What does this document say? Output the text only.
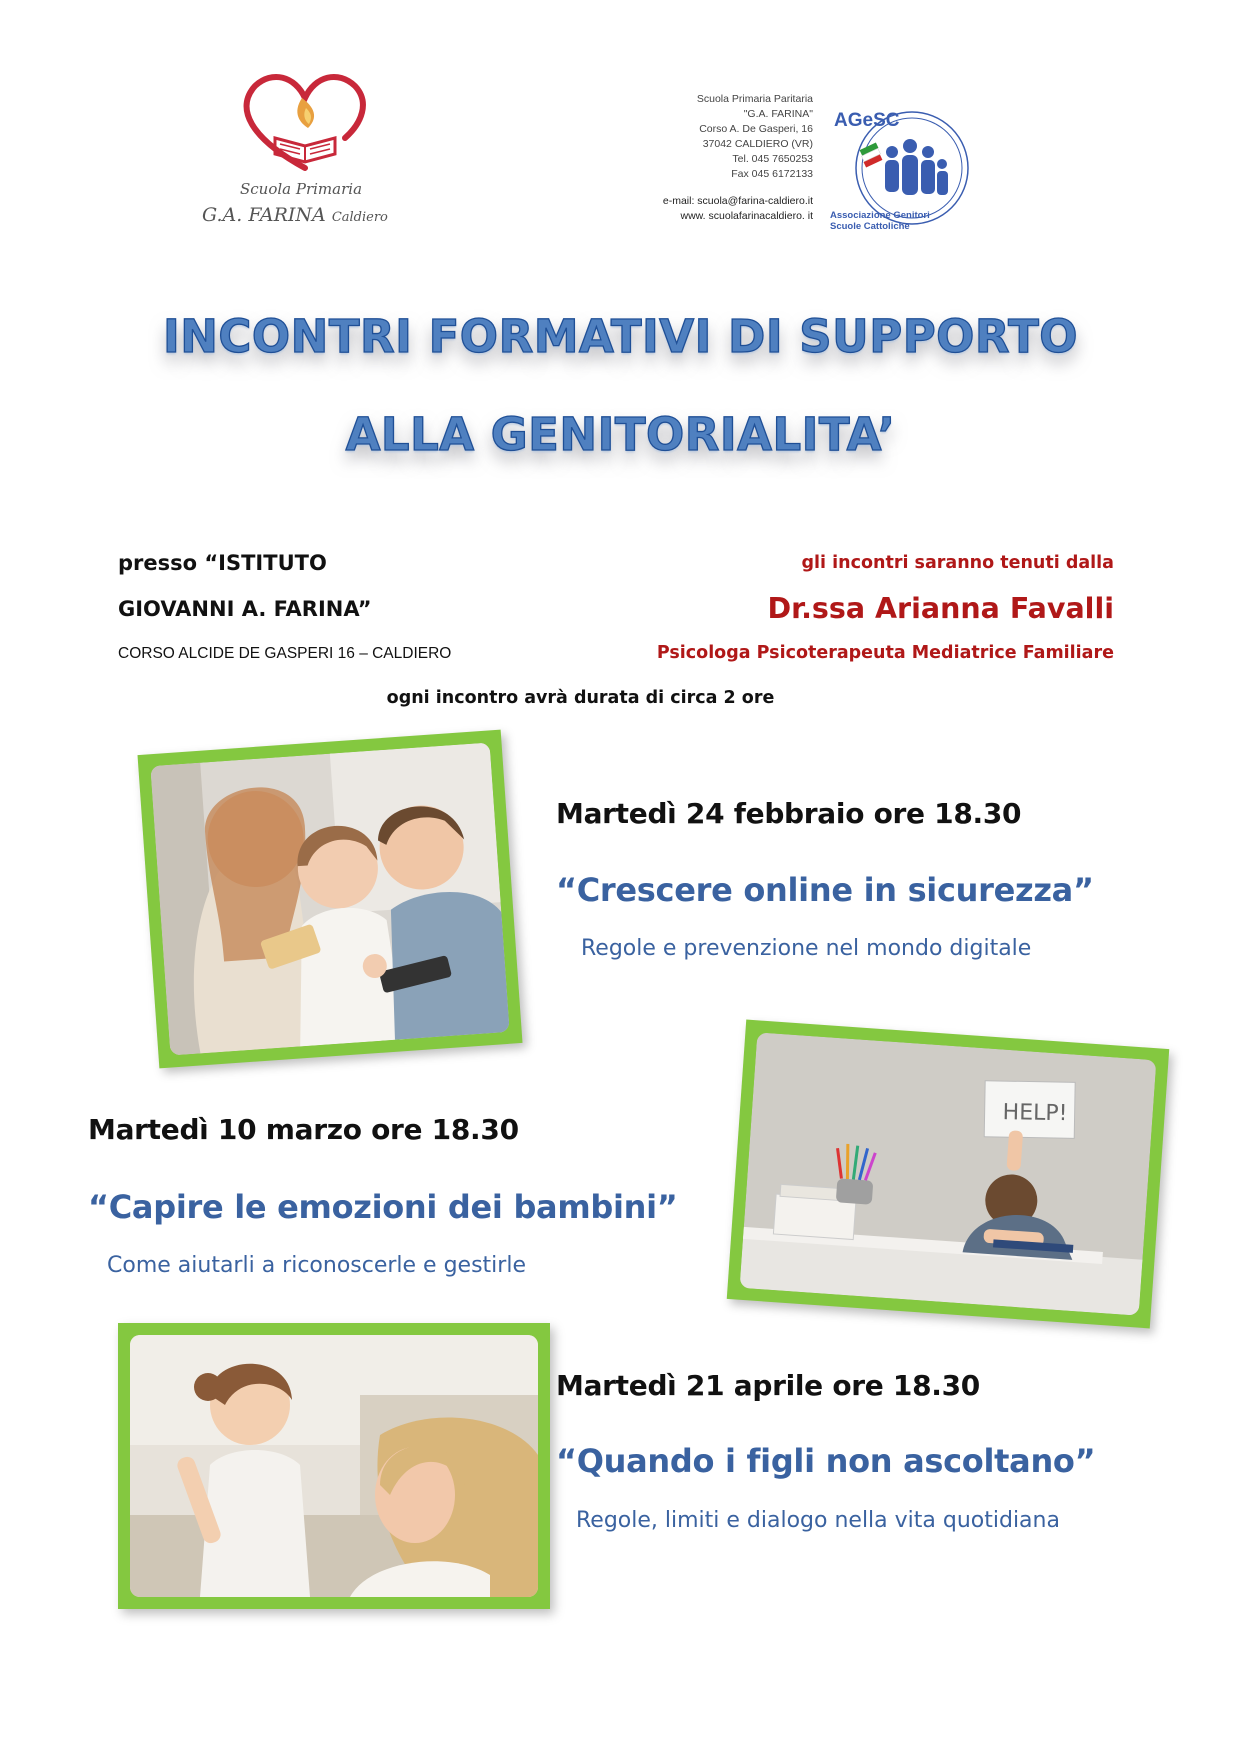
Scuola Primaria
G.A. FARINA Caldiero
Scuola Primaria Paritaria
"G.A. FARINA"
Corso A. De Gasperi, 16
37042 CALDIERO (VR)
Tel. 045 7650253
Fax 045 6172133
e-mail: scuola@farina-caldiero.it
www. scuolafarinacaldiero. it
AGeSC
Associazione Genitori
Scuole Cattoliche
INCONTRI FORMATIVI DI SUPPORTO
ALLA GENITORIALITA’
presso “ISTITUTO
GIOVANNI A. FARINA”
CORSO ALCIDE DE GASPERI 16 – CALDIERO
gli incontri saranno tenuti dalla
Dr.ssa Arianna Favalli
Psicologa Psicoterapeuta Mediatrice Familiare
ogni incontro avrà durata di circa 2 ore
Martedì 24 febbraio ore 18.30
“Crescere online in sicurezza”
Regole e prevenzione nel mondo digitale
Martedì 10 marzo ore 18.30
“Capire le emozioni dei bambini”
Come aiutarli a riconoscerle e gestirle
HELP!
Martedì 21 aprile ore 18.30
“Quando i figli non ascoltano”
Regole, limiti e dialogo nella vita quotidiana
